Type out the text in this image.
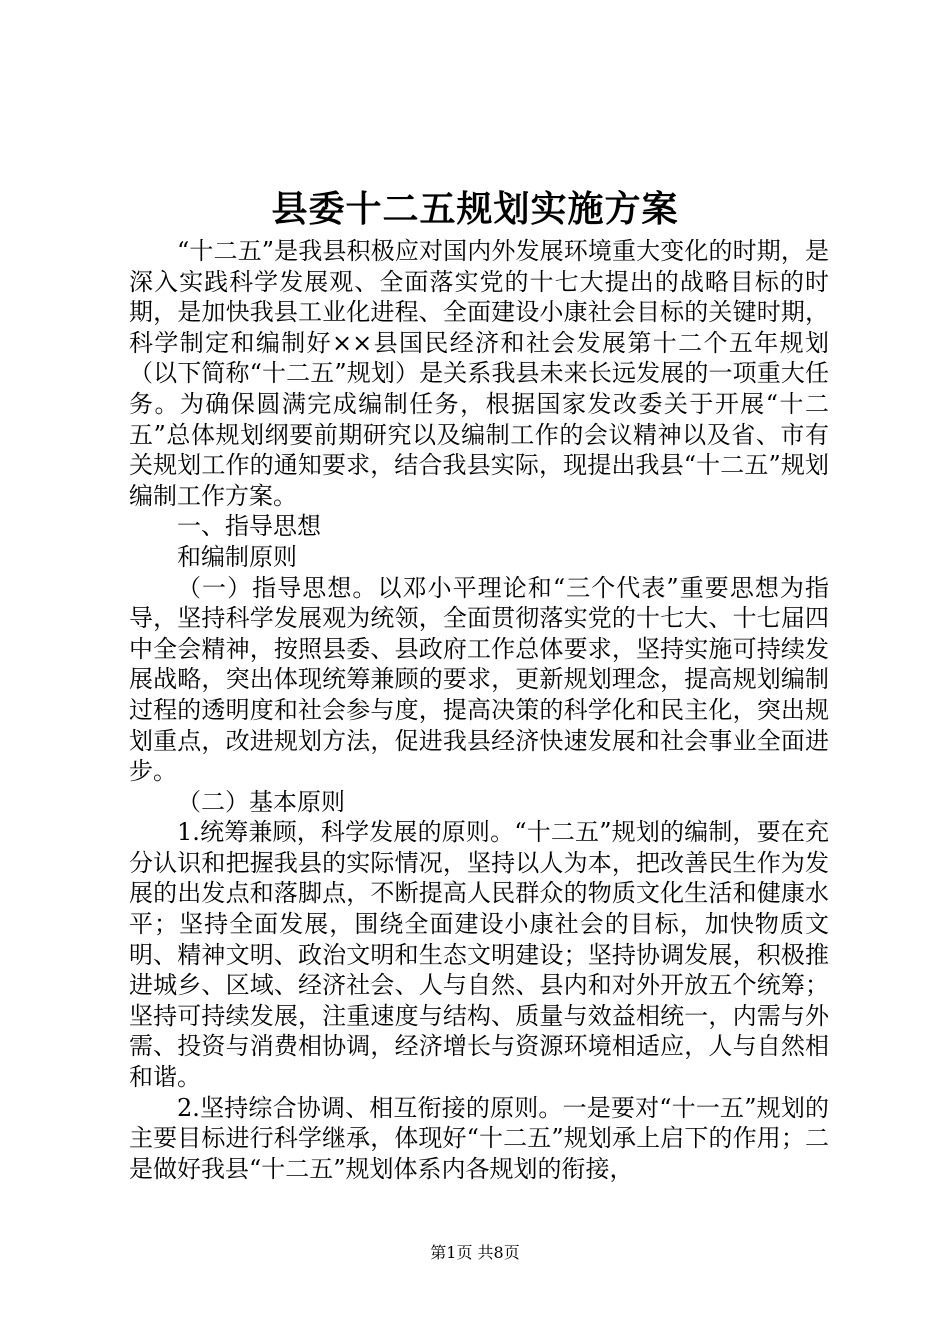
县委十二五规划实施方案

“十二五”是我县积极应对国内外发展环境重大变化的时期，是深入实践科学发展观、全面落实党的十七大提出的战略目标的时期，是加快我县工业化进程、全面建设小康社会目标的关键时期，科学制定和编制好××县国民经济和社会发展第十二个五年规划（以下简称“十二五”规划）是关系我县未来长远发展的一项重大任务。为确保圆满完成编制任务，根据国家发改委关于开展“十二五”总体规划纲要前期研究以及编制工作的会议精神以及省、市有关规划工作的通知要求，结合我县实际，现提出我县“十二五”规划编制工作方案。

一、指导思想

和编制原则

（一）指导思想。以邓小平理论和“三个代表”重要思想为指导，坚持科学发展观为统领，全面贯彻落实党的十七大、十七届四中全会精神，按照县委、县政府工作总体要求，坚持实施可持续发展战略，突出体现统筹兼顾的要求，更新规划理念，提高规划编制过程的透明度和社会参与度，提高决策的科学化和民主化，突出规划重点，改进规划方法，促进我县经济快速发展和社会事业全面进步。

（二）基本原则

1.统筹兼顾，科学发展的原则。“十二五”规划的编制，要在充分认识和把握我县的实际情况，坚持以人为本，把改善民生作为发展的出发点和落脚点，不断提高人民群众的物质文化生活和健康水平；坚持全面发展，围绕全面建设小康社会的目标，加快物质文明、精神文明、政治文明和生态文明建设；坚持协调发展，积极推进城乡、区域、经济社会、人与自然、县内和对外开放五个统筹；坚持可持续发展，注重速度与结构、质量与效益相统一，内需与外需、投资与消费相协调，经济增长与资源环境相适应，人与自然相和谐。

2.坚持综合协调、相互衔接的原则。一是要对“十一五”规划的主要目标进行科学继承，体现好“十二五”规划承上启下的作用；二是做好我县“十二五”规划体系内各规划的衔接，

第1页 共8页
